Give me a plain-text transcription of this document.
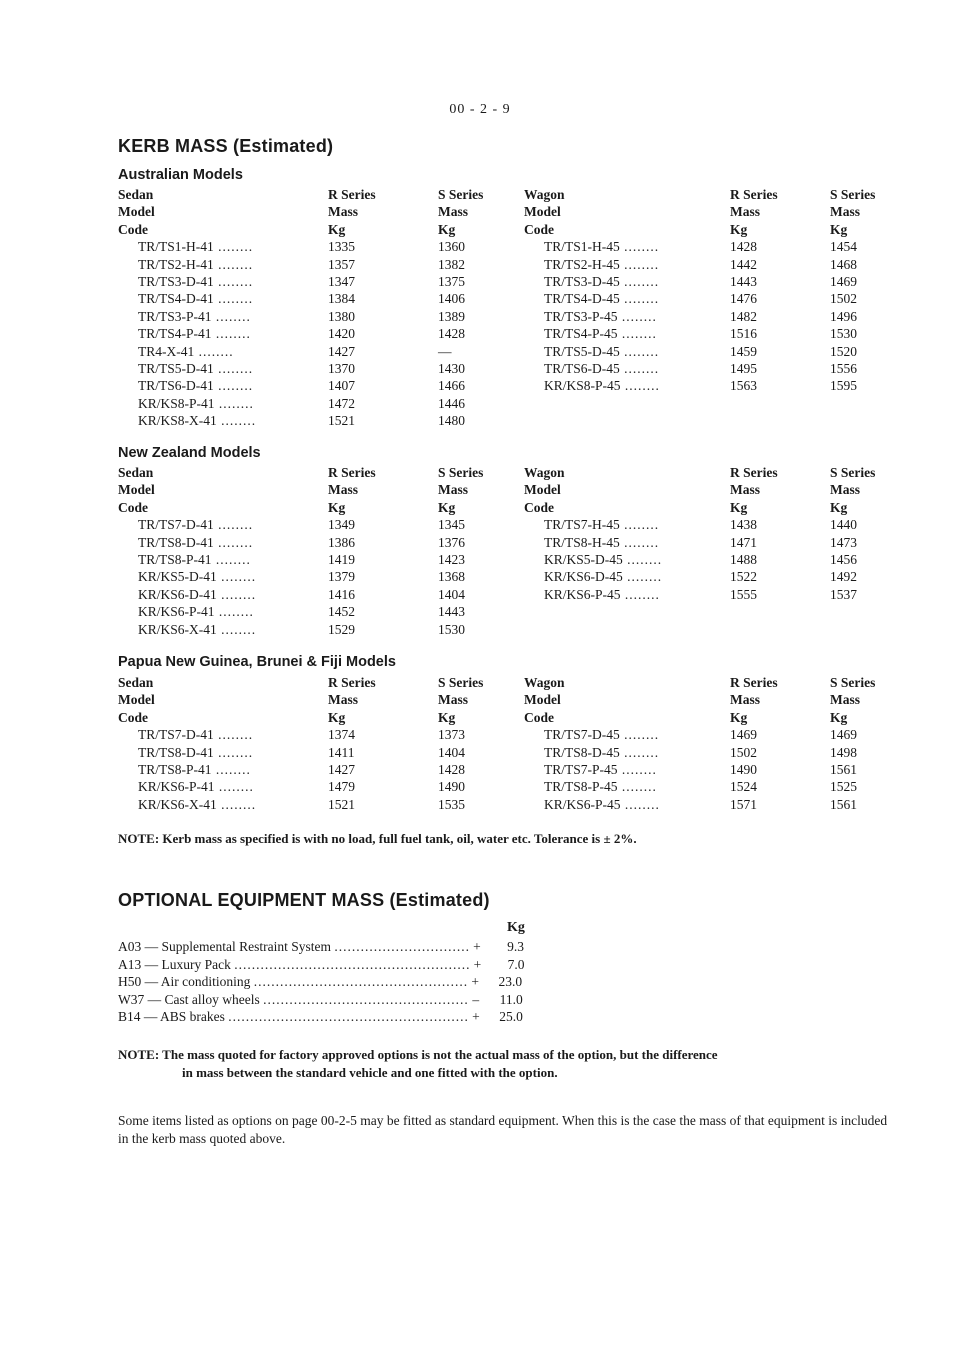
00 - 2 - 9
KERB MASS (Estimated)
Australian Models
Sedan
Model
Code
TR/TS1-H-41 ........
TR/TS2-H-41 ........
TR/TS3-D-41 ........
TR/TS4-D-41 ........
TR/TS3-P-41 ........
TR/TS4-P-41 ........
TR4-X-41 ........
TR/TS5-D-41 ........
TR/TS6-D-41 ........
KR/KS8-P-41 ........
KR/KS8-X-41 ........
R Series
Mass
Kg
1335
1357
1347
1384
1380
1420
1427
1370
1407
1472
1521
S Series
Mass
Kg
1360
1382
1375
1406
1389
1428
—
1430
1466
1446
1480
Wagon
Model
Code
TR/TS1-H-45 ........
TR/TS2-H-45 ........
TR/TS3-D-45 ........
TR/TS4-D-45 ........
TR/TS3-P-45 ........
TR/TS4-P-45 ........
TR/TS5-D-45 ........
TR/TS6-D-45 ........
KR/KS8-P-45 ........
R Series
Mass
Kg
1428
1442
1443
1476
1482
1516
1459
1495
1563
S Series
Mass
Kg
1454
1468
1469
1502
1496
1530
1520
1556
1595
New Zealand Models
Sedan
Model
Code
TR/TS7-D-41 ........
TR/TS8-D-41 ........
TR/TS8-P-41 ........
KR/KS5-D-41 ........
KR/KS6-D-41 ........
KR/KS6-P-41 ........
KR/KS6-X-41 ........
R Series
Mass
Kg
1349
1386
1419
1379
1416
1452
1529
S Series
Mass
Kg
1345
1376
1423
1368
1404
1443
1530
Wagon
Model
Code
TR/TS7-H-45 ........
TR/TS8-H-45 ........
KR/KS5-D-45 ........
KR/KS6-D-45 ........
KR/KS6-P-45 ........
R Series
Mass
Kg
1438
1471
1488
1522
1555
S Series
Mass
Kg
1440
1473
1456
1492
1537
Papua New Guinea, Brunei & Fiji Models
Sedan
Model
Code
TR/TS7-D-41 ........
TR/TS8-D-41 ........
TR/TS8-P-41 ........
KR/KS6-P-41 ........
KR/KS6-X-41 ........
R Series
Mass
Kg
1374
1411
1427
1479
1521
S Series
Mass
Kg
1373
1404
1428
1490
1535
Wagon
Model
Code
TR/TS7-D-45 ........
TR/TS8-D-45 ........
TR/TS7-P-45 ........
TR/TS8-P-45 ........
KR/KS6-P-45 ........
R Series
Mass
Kg
1469
1502
1490
1524
1571
S Series
Mass
Kg
1469
1498
1561
1525
1561
NOTE: Kerb mass as specified is with no load, full fuel tank, oil, water etc. Tolerance is ± 2%.
OPTIONAL EQUIPMENT MASS (Estimated)
Kg
A03 — Supplemental Restraint System ............................... + 9.3
A13 — Luxury Pack ...................................................... + 7.0
H50 — Air conditioning ................................................. + 23.0
W37 — Cast alloy wheels ............................................... – 11.0
B14 — ABS brakes ....................................................... + 25.0
NOTE: The mass quoted for factory approved options is not the actual mass of the option, but the difference
in mass between the standard vehicle and one fitted with the option.
Some items listed as options on page 00-2-5 may be fitted as standard equipment. When this is the case the mass of that equipment is included in the kerb mass quoted above.
